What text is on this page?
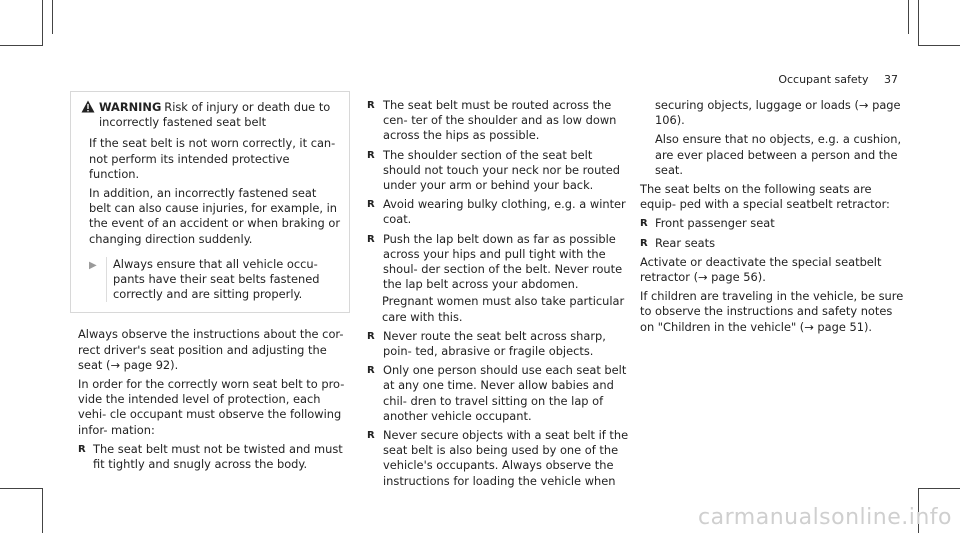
Occupant safety 37
WARNING Risk of injury or death due to
incorrectly fastened seat belt

If the seat belt is not worn correctly, it can- not perform its intended protective function.

In addition, an incorrectly fastened seat belt can also cause injuries, for example, in the event of an accident or when braking or changing direction suddenly.

▶	Always ensure that all vehicle occu- pants have their seat belts fastened correctly and are sitting properly.

Always observe the instructions about the cor- rect driver's seat position and adjusting the seat (→ page 92).

In order for the correctly worn seat belt to pro- vide the intended level of protection, each vehi- cle occupant must observe the following infor- mation:

R The seat belt must not be twisted and must fit tightly and snugly across the body.
R The seat belt must be routed across the cen- ter of the shoulder and as low down across the hips as possible.
R The shoulder section of the seat belt should not touch your neck nor be routed under your arm or behind your back.
R Avoid wearing bulky clothing, e.g. a winter coat.
R Push the lap belt down as far as possible across your hips and pull tight with the shoul- der section of the belt. Never route the lap belt across your abdomen.

Pregnant women must also take particular care with this.

R Never route the seat belt across sharp, poin- ted, abrasive or fragile objects.
R Only one person should use each seat belt at any one time. Never allow babies and chil- dren to travel sitting on the lap of another vehicle occupant.
R Never secure objects with a seat belt if the seat belt is also being used by one of the vehicle's occupants. Always observe the instructions for loading the vehicle when

securing objects, luggage or loads (→ page 106).

Also ensure that no objects, e.g. a cushion, are ever placed between a person and the seat.

The seat belts on the following seats are equip- ped with a special seatbelt retractor:

R Front passenger seat
R Rear seats

Activate or deactivate the special seatbelt retractor (→ page 56).

If children are traveling in the vehicle, be sure to observe the instructions and safety notes on "Children in the vehicle" (→ page 51).

carmanualsonline.info
